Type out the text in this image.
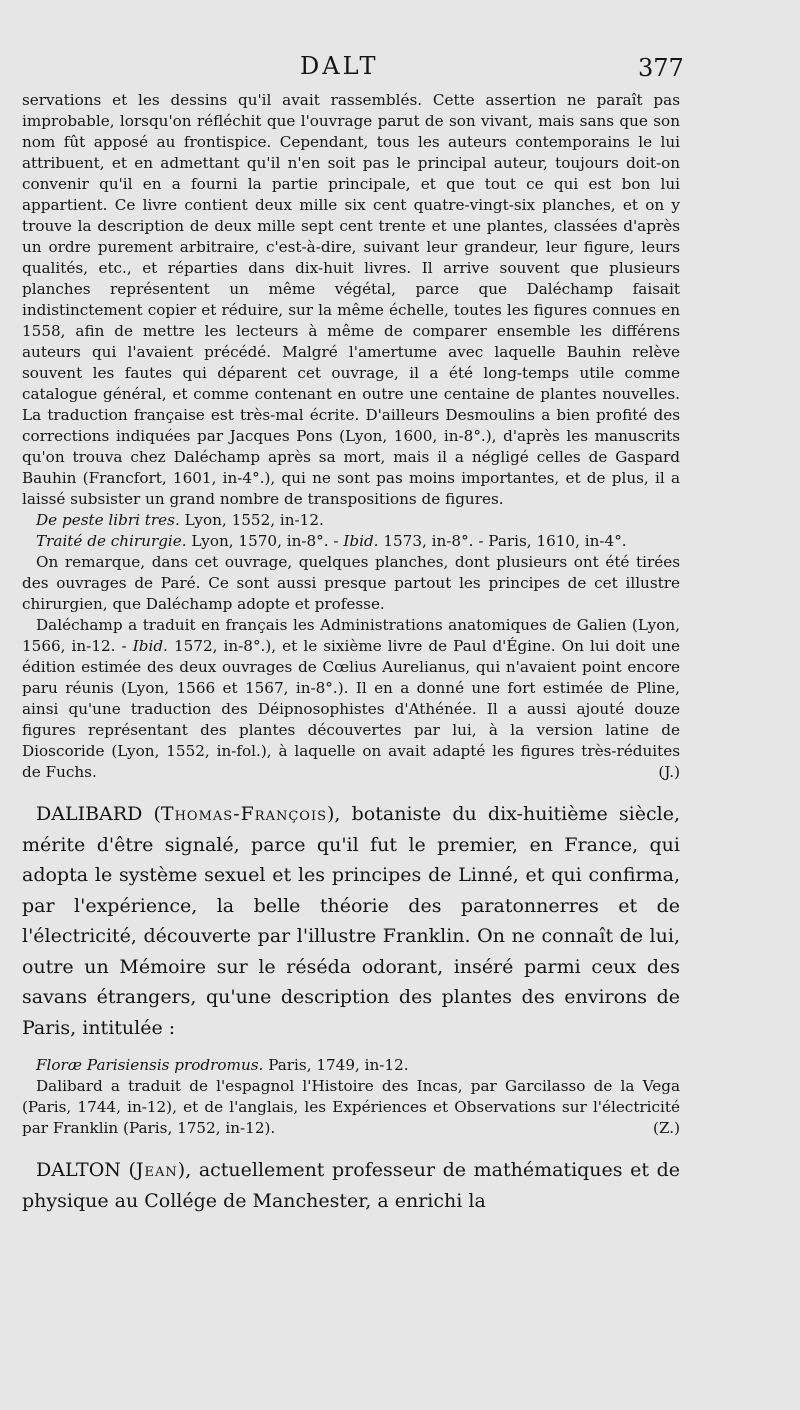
DALT	377

servations et les dessins qu'il avait rassemblés. Cette assertion ne paraît pas improbable, lorsqu'on réfléchit que l'ouvrage parut de son vivant, mais sans que son nom fût apposé au frontispice. Cependant, tous les auteurs contemporains le lui attribuent, et en admettant qu'il n'en soit pas le principal auteur, toujours doit-on convenir qu'il en a fourni la partie principale, et que tout ce qui est bon lui appartient. Ce livre contient deux mille six cent quatre-vingt-six planches, et on y trouve la description de deux mille sept cent trente et une plantes, classées d'après un ordre purement arbitraire, c'est-à-dire, suivant leur grandeur, leur figure, leurs qualités, etc., et réparties dans dix-huit livres. Il arrive souvent que plusieurs planches représentent un même végétal, parce que Daléchamp faisait indistinctement copier et réduire, sur la même échelle, toutes les figures connues en 1558, afin de mettre les lecteurs à même de comparer ensemble les différens auteurs qui l'avaient précédé. Malgré l'amertume avec laquelle Bauhin relève souvent les fautes qui déparent cet ouvrage, il a été long-temps utile comme catalogue général, et comme contenant en outre une centaine de plantes nouvelles. La traduction française est très-mal écrite. D'ailleurs Desmoulins a bien profité des corrections indiquées par Jacques Pons (Lyon, 1600, in-8°.), d'après les manuscrits qu'on trouva chez Daléchamp après sa mort, mais il a négligé celles de Gaspard Bauhin (Francfort, 1601, in-4°.), qui ne sont pas moins importantes, et de plus, il a laissé subsister un grand nombre de transpositions de figures.

De peste libri tres. Lyon, 1552, in-12.

Traité de chirurgie. Lyon, 1570, in-8°. - Ibid. 1573, in-8°. - Paris, 1610, in-4°.

On remarque, dans cet ouvrage, quelques planches, dont plusieurs ont été tirées des ouvrages de Paré. Ce sont aussi presque partout les principes de cet illustre chirurgien, que Daléchamp adopte et professe.

Daléchamp a traduit en français les Administrations anatomiques de Galien (Lyon, 1566, in-12. - Ibid. 1572, in-8°.), et le sixième livre de Paul d'Égine. On lui doit une édition estimée des deux ouvrages de Cœlius Aurelianus, qui n'avaient point encore paru réunis (Lyon, 1566 et 1567, in-8°.). Il en a donné une fort estimée de Pline, ainsi qu'une traduction des Déipnosophistes d'Athénée. Il a aussi ajouté douze figures représentant des plantes découvertes par lui, à la version latine de Dioscoride (Lyon, 1552, in-fol.), à laquelle on avait adapté les figures très-réduites de Fuchs.	(J.)

DALIBARD (Thomas-François), botaniste du dix-huitième siècle, mérite d'être signalé, parce qu'il fut le premier, en France, qui adopta le système sexuel et les principes de Linné, et qui confirma, par l'expérience, la belle théorie des paratonnerres et de l'électricité, découverte par l'illustre Franklin. On ne connaît de lui, outre un Mémoire sur le réséda odorant, inséré parmi ceux des savans étrangers, qu'une description des plantes des environs de Paris, intitulée :

Floræ Parisiensis prodromus. Paris, 1749, in-12.

Dalibard a traduit de l'espagnol l'Histoire des Incas, par Garcilasso de la Vega (Paris, 1744, in-12), et de l'anglais, les Expériences et Observations sur l'électricité par Franklin (Paris, 1752, in-12).	(Z.)

DALTON (Jean), actuellement professeur de mathématiques et de physique au Collége de Manchester, a enrichi la
